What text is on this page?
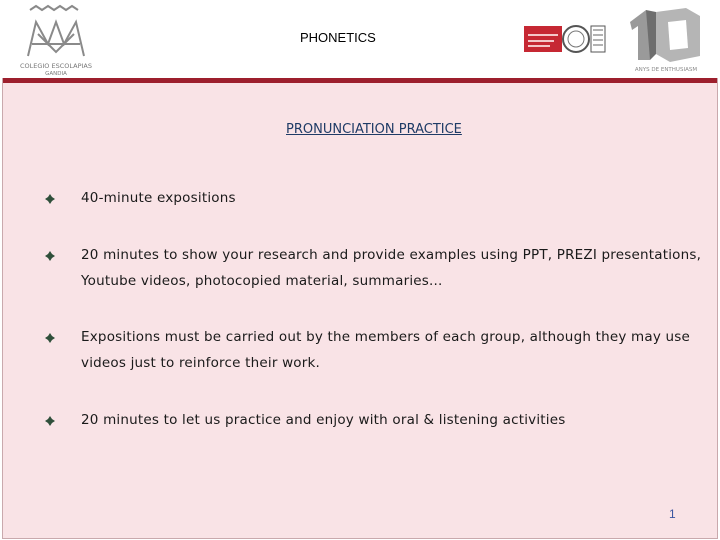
COLEGIO ESCOLAPIAS
GANDIA
PHONETICS
ANYS DE ENTHUSIASM
PRONUNCIATION PRACTICE
40-minute expositions
20 minutes to show your research and provide examples using PPT, PREZI presentations, Youtube videos, photocopied material, summaries...
Expositions must be carried out by the members of each group, although they may use videos just to reinforce their work.
20 minutes to let us practice and enjoy with oral & listening activities
1
